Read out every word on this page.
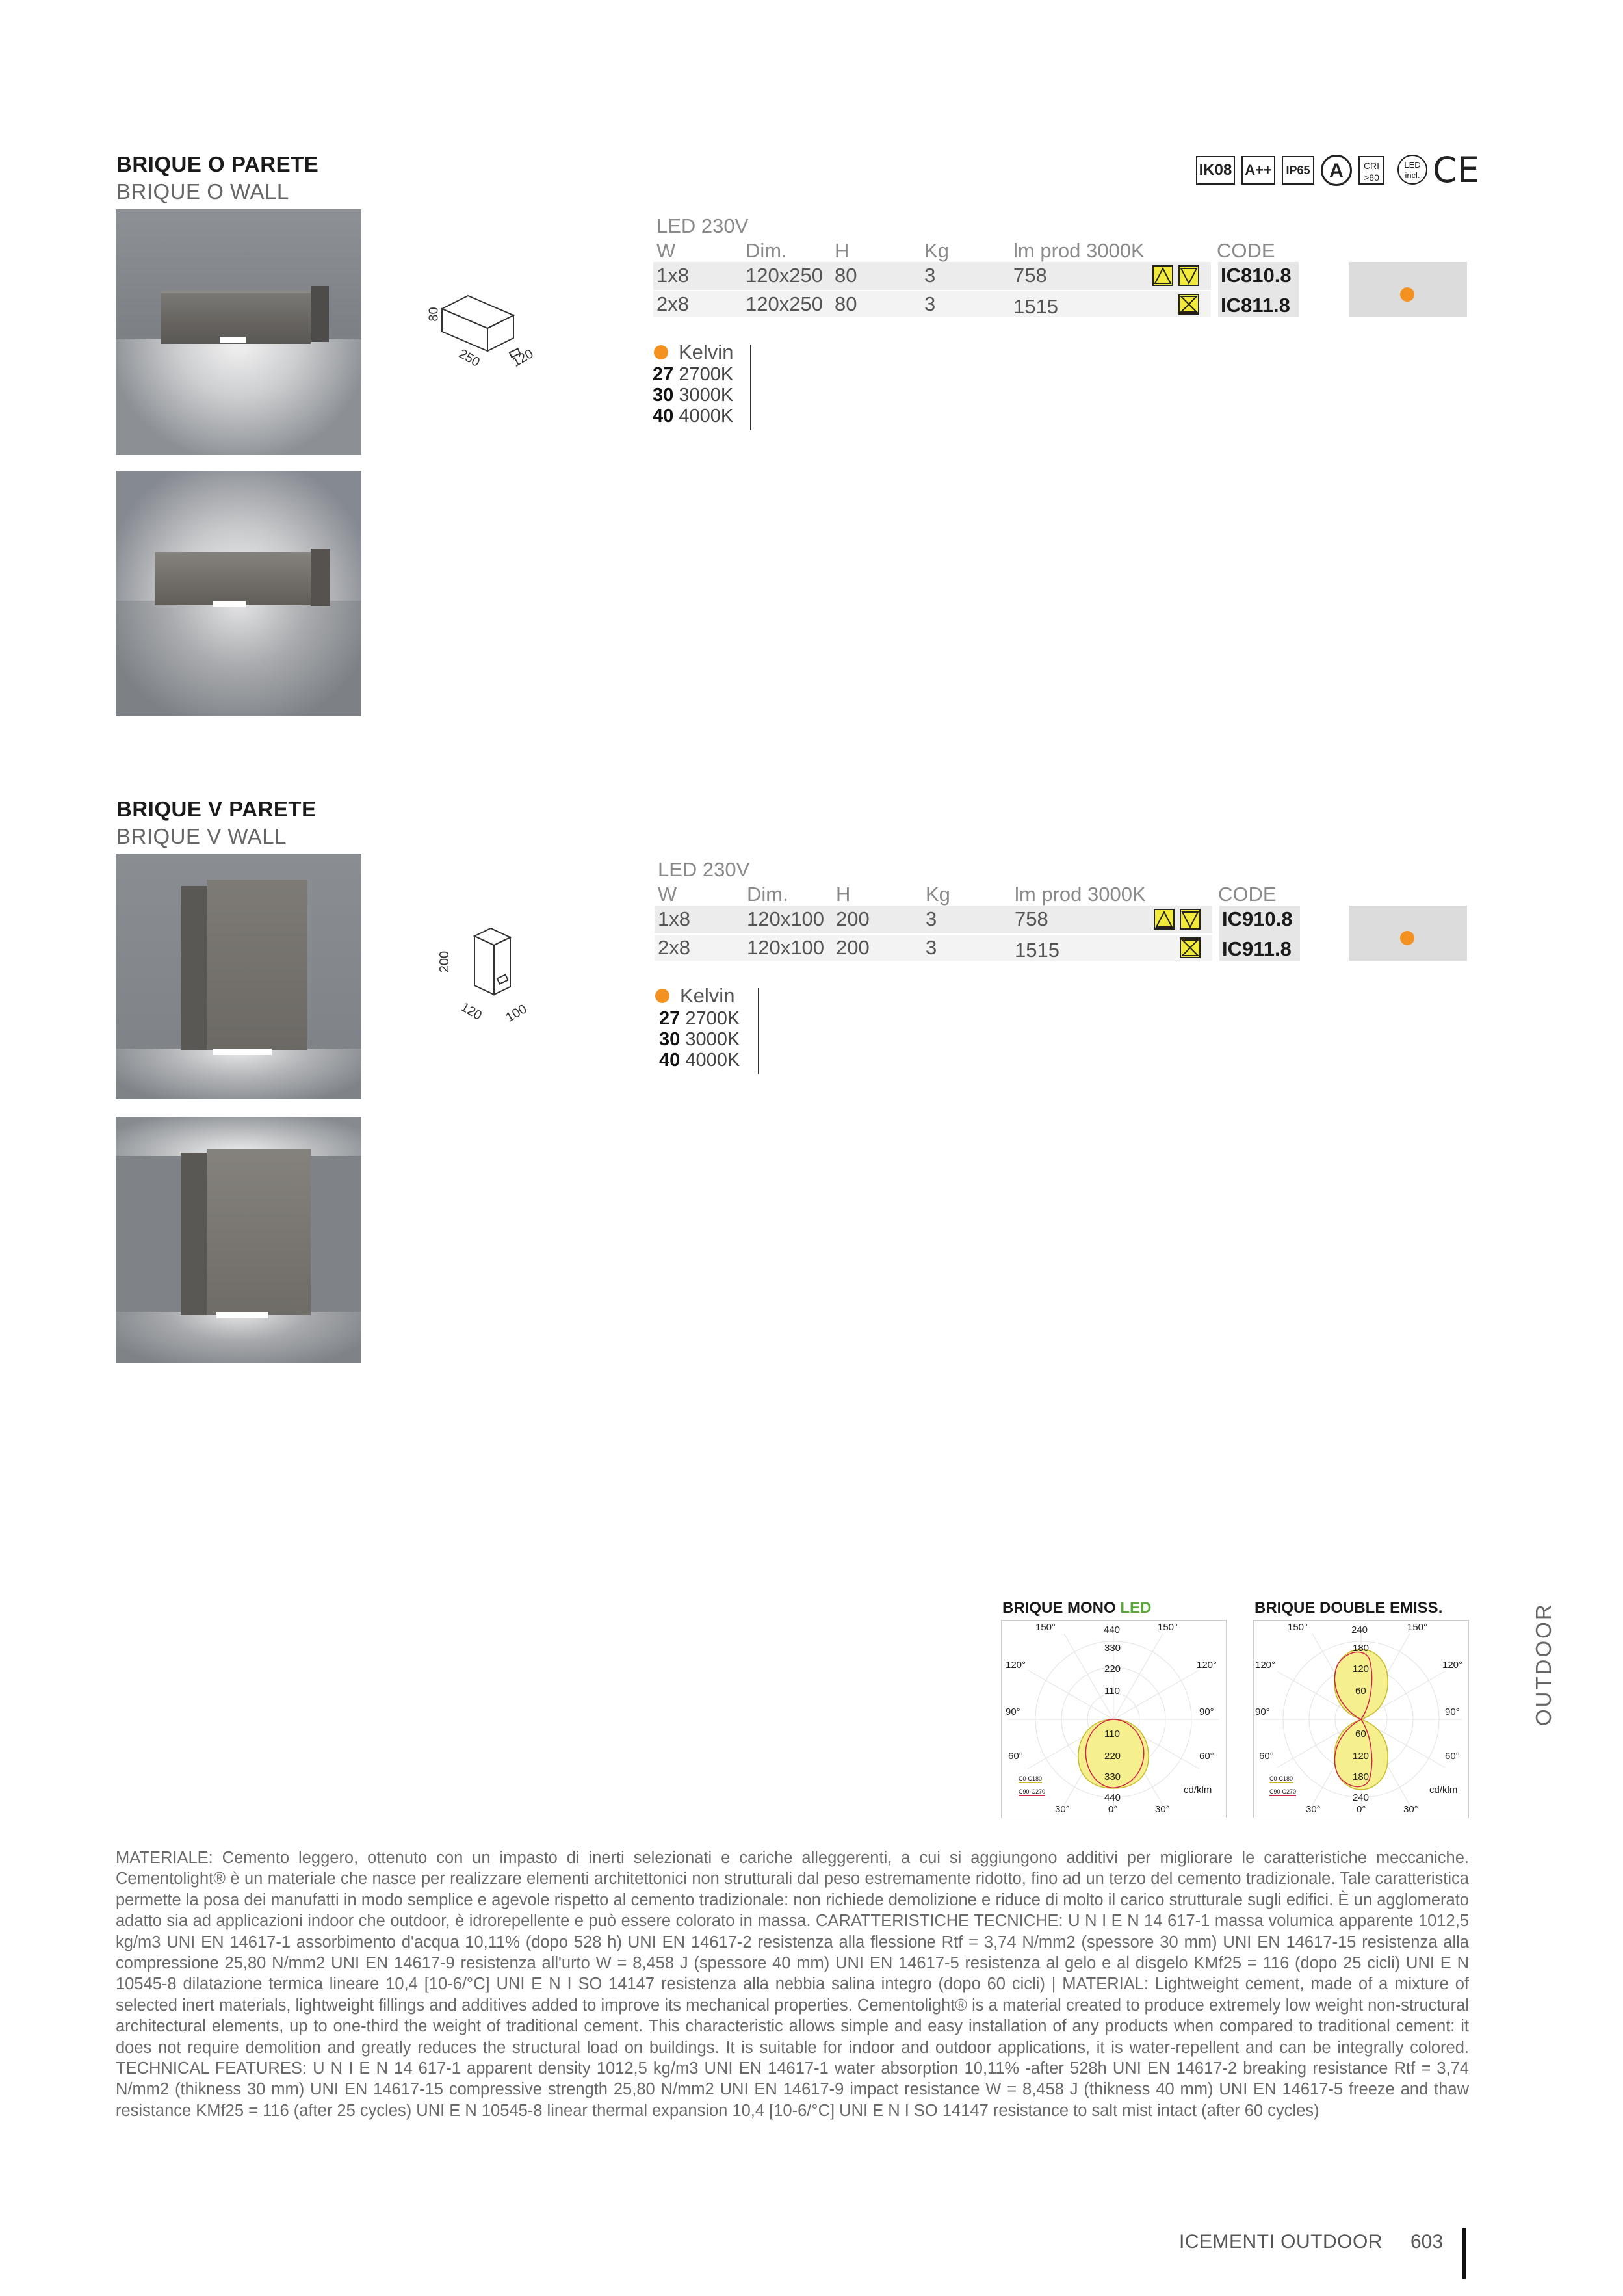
BRIQUE O PARETE
BRIQUE O WALL
80
250 120
LED 230V
W	Dim. H	Kg	lm prod 3000K	CODE
1x8	120x250 80	3	758	IC810.8
2x8	120x250 80	3	1515	IC811.8
Kelvin
27 2700K
30 3000K
40 4000K
IK08 A++	IP65 A	CRI >80
LED incl. CE
BRIQUE V PARETE
BRIQUE V WALL
200
120 100
LED 230V
W	Dim. H	Kg	lm prod 3000K	CODE
1x8	120x100 200	3	758	IC910.8
2x8	120x100 200	3	1515	IC911.8
Kelvin
27 2700K
30 3000K
40 4000K
BRIQUE MONO LED
150°	440	150°
120°
90°
60°
120°
90°
60°
330
220
110
110
220
330
440
30°	0°	30°
cd/klm
C0-C180
C90-C270
BRIQUE DOUBLE EMISS.
150°	240	150°
120°
90°
60°
120°
90°
60°
180
120
60
60
120
180
240
30°	0°	30°
cd/klm
C0-C180
C90-C270
OUTDOOR
MATERIALE: Cemento leggero, ottenuto con un impasto di inerti selezionati e cariche alleggerenti, a cui si aggiungono additivi per migliorare le caratteristiche meccaniche. Cementolight® è un materiale che nasce per realizzare elementi architettonici non strutturali dal peso estremamente ridotto, fino ad un terzo del cemento tradizionale. Tale caratteristica permette la posa dei manufatti in modo semplice e agevole rispetto al cemento tradizionale: non richiede demolizione e riduce di molto il carico strutturale sugli edifici. È un agglomerato adatto sia ad applicazioni indoor che outdoor, è idrorepellente e può essere colorato in massa. CARATTERISTICHE TECNICHE: U N I E N 14 617-1 massa volumica apparente 1012,5 kg/m3 UNI EN 14617-1 assorbimento d'acqua 10,11% (dopo 528 h) UNI EN 14617-2 resistenza alla flessione Rtf = 3,74 N/mm2 (spessore 30 mm) UNI EN 14617-15 resistenza alla compressione 25,80 N/mm2 UNI EN 14617-9 resistenza all'urto W = 8,458 J (spessore 40 mm) UNI EN 14617-5 resistenza al gelo e al disgelo KMf25 = 116 (dopo 25 cicli) UNI E N 10545-8 dilatazione termica lineare 10,4 [10-6/°C] UNI E N I SO 14147 resistenza alla nebbia salina integro (dopo 60 cicli) | MATERIAL: Lightweight cement, made of a mixture of selected inert materials, lightweight fillings and additives added to improve its mechanical properties. Cementolight® is a material created to produce extremely low weight non-structural architectural elements, up to one-third the weight of traditional cement. This characteristic allows simple and easy installation of any products when compared to traditional cement: it does not require demolition and greatly reduces the structural load on buildings. It is suitable for indoor and outdoor applications, it is water-repellent and can be integrally colored. TECHNICAL FEATURES: U N I E N 14 617-1 apparent density 1012,5 kg/m3 UNI EN 14617-1 water absorption 10,11% -after 528h UNI EN 14617-2 breaking resistance Rtf = 3,74 N/mm2 (thikness 30 mm) UNI EN 14617-15 compressive strength 25,80 N/mm2 UNI EN 14617-9 impact resistance W = 8,458 J (thikness 40 mm) UNI EN 14617-5 freeze and thaw resistance KMf25 = 116 (after 25 cycles) UNI E N 10545-8 linear thermal expansion 10,4 [10-6/°C] UNI E N I SO 14147 resistance to salt mist intact (after 60 cycles)
ICEMENTI OUTDOOR 603
